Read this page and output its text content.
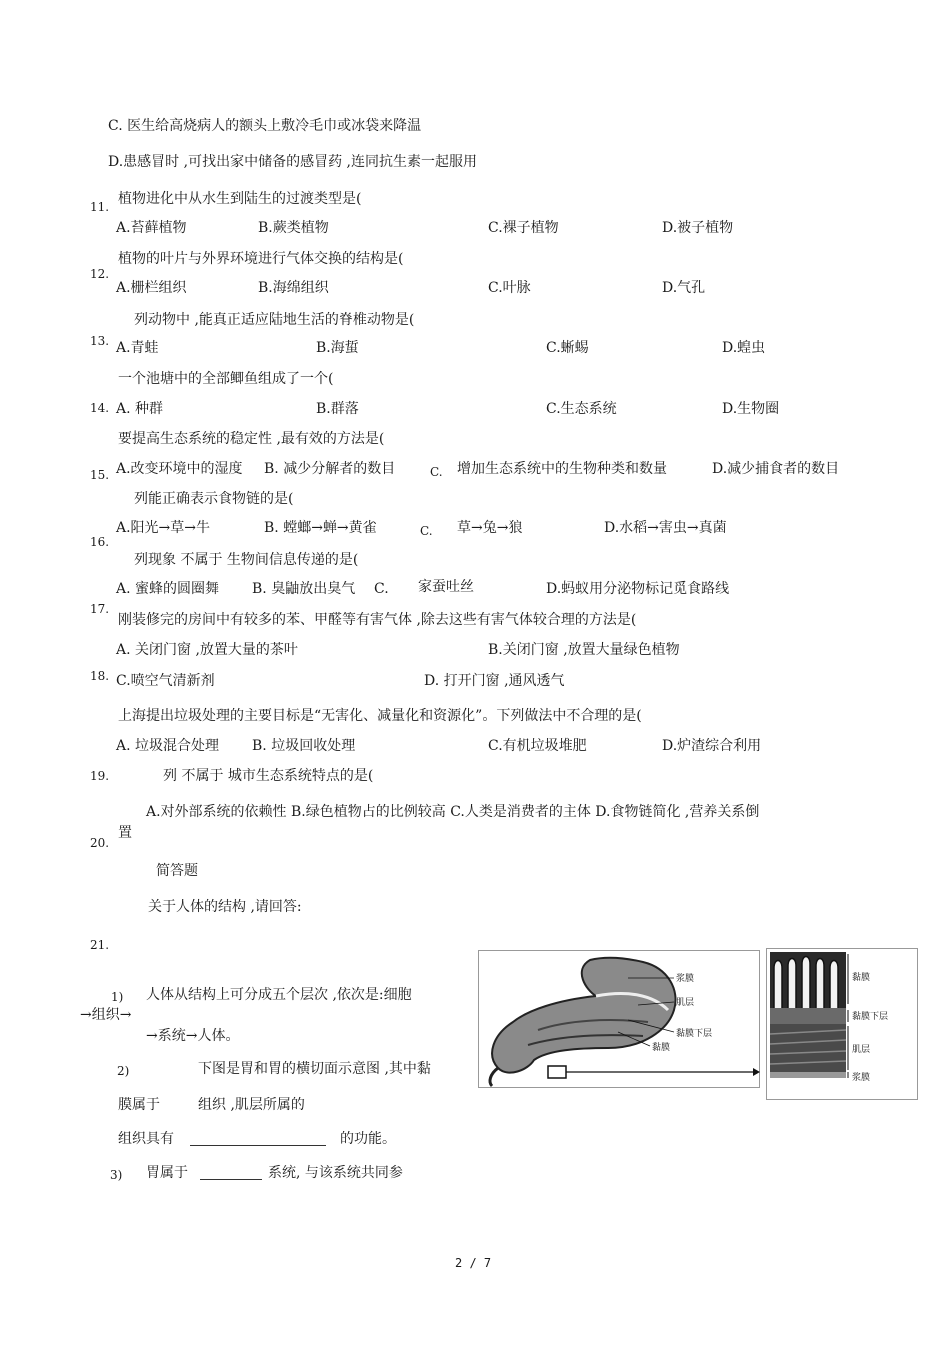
C. 医生给高烧病人的额头上敷冷毛巾或冰袋来降温
D.患感冒时 ,可找出家中储备的感冒药 ,连同抗生素一起服用
11. 植物进化中从水生到陆生的过渡类型是(
A.苔藓植物	B.蕨类植物	C.裸子植物	D.被子植物
12.
植物的叶片与外界环境进行气体交换的结构是(
A.栅栏组织	B.海绵组织	C.叶脉	D.气孔
列动物中 ,能真正适应陆地生活的脊椎动物是(
13. A.青蛙	B.海蜇	C.蜥蜴	D.蝗虫
一个池塘中的全部鲫鱼组成了一个(
14. A. 种群	B.群落	C.生态系统	D.生物圈
要提高生态系统的稳定性 ,最有效的方法是(
15. A.改变环境中的湿度 B. 减少分解者的数目	C. 增加生态系统中的生物种类和数量	D.减少捕食者的数目
列能正确表示食物链的是(
A.阳光→草→牛	B. 螳螂→蝉→黄雀	C. 草→兔→狼	D.水稻→害虫→真菌
16.
列现象 不属于 生物间信息传递的是(
A. 蜜蜂的圆圈舞 B. 臭鼬放出臭气 C. 家蚕吐丝	D.蚂蚁用分泌物标记觅食路线
17.
刚装修完的房间中有较多的苯、甲醛等有害气体 ,除去这些有害气体较合理的方法是(
A. 关闭门窗 ,放置大量的茶叶	B.关闭门窗 ,放置大量绿色植物
18. C.喷空气清新剂	D. 打开门窗 ,通风透气
上海提出垃圾处理的主要目标是“无害化、减量化和资源化”。下列做法中不合理的是(
A. 垃圾混合处理 B. 垃圾回收处理	C.有机垃圾堆肥	D.炉渣综合利用
19.	列 不属于 城市生态系统特点的是(
A.对外部系统的依赖性 B.绿色植物占的比例较高 C.人类是消费者的主体 D.食物链简化 ,营养关系倒
置
20.
简答题
关于人体的结构 ,请回答:
21.
1) 人体从结构上可分成五个层次 ,依次是:细胞
→组织→
→系统→人体。
2)	下图是胃和胃的横切面示意图 ,其中黏
膜属于	组织 ,肌层所属的
组织具有	的功能。
3) 胃属于	系统, 与该系统共同参
浆膜
肌层
黏膜下层
黏膜
黏膜
黏膜下层
肌层
浆膜
2 / 7
